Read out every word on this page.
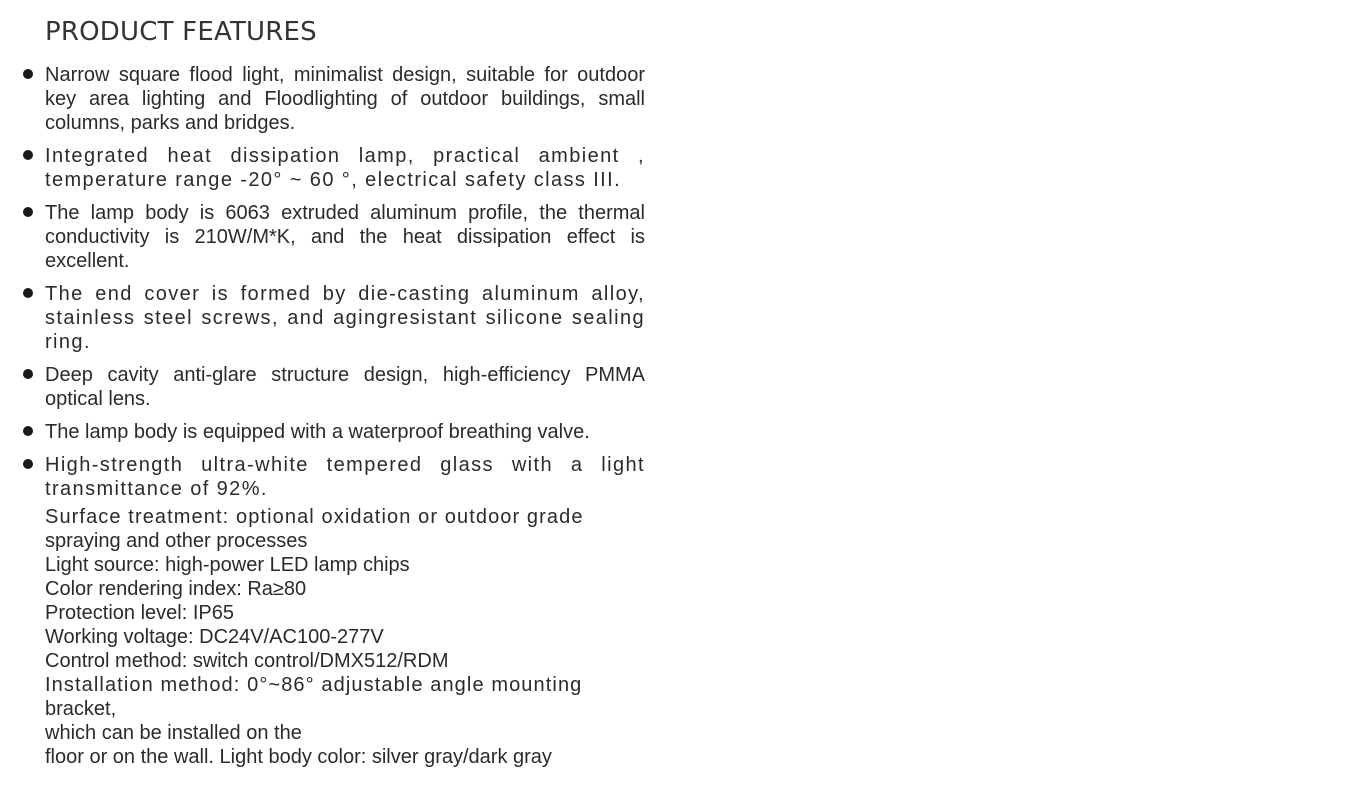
PRODUCT FEATURES
Narrow square flood light, minimalist design, suitable for outdoor key area lighting and Floodlighting of outdoor buildings, small columns, parks and bridges.
Integrated heat dissipation lamp, practical ambient , temperature range -20° ~ 60 °, electrical safety class III.
The lamp body is 6063 extruded aluminum profile, the thermal conductivity is 210W/M*K, and the heat dissipation effect is excellent.
The end cover is formed by die-casting aluminum alloy, stainless steel screws, and agingresistant silicone sealing ring.
Deep cavity anti-glare structure design, high-efficiency PMMA optical lens.
The lamp body is equipped with a waterproof breathing valve.
High-strength ultra-white tempered glass with a light transmittance of 92%.
Surface treatment: optional oxidation or outdoor grade
spraying and other processes
Light source: high-power LED lamp chips
Color rendering index: Ra≥80
Protection level: IP65
Working voltage: DC24V/AC100-277V
Control method: switch control/DMX512/RDM
Installation method: 0°~86° adjustable angle mounting
bracket,
which can be installed on the
floor or on the wall. Light body color: silver gray/dark gray
